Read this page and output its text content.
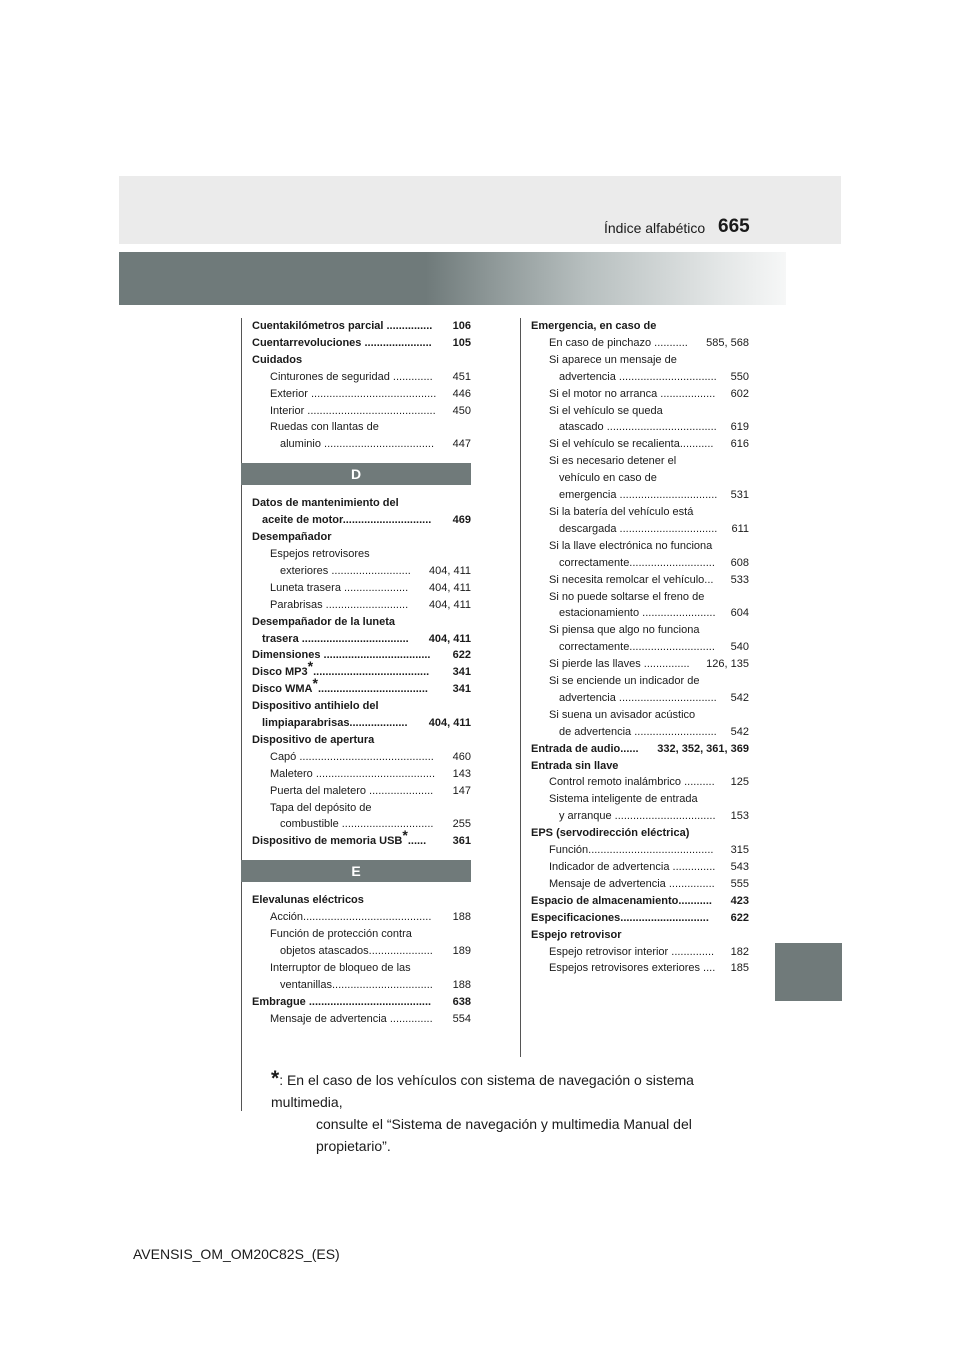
665
Índice alfabético
Cuentakilómetros parcial ............... 106
Cuentarrevoluciones ...................... 105
Cuidados
Cinturones de seguridad ............. 451
Exterior ......................................... 446
Interior .......................................... 450
Ruedas con llantas de
aluminio .................................... 447
D
Datos de mantenimiento del
aceite de motor............................. 469
Desempañador
Espejos retrovisores
exteriores .......................... 404, 411
Luneta trasera ..................... 404, 411
Parabrisas ........................... 404, 411
Desempañador de la luneta
trasera ................................... 404, 411
Dimensiones ................................... 622
Disco MP3*...................................... 341
Disco WMA*.................................... 341
Dispositivo antihielo del
limpiaparabrisas................... 404, 411
Dispositivo de apertura
Capó ............................................ 460
Maletero ....................................... 143
Puerta del maletero ..................... 147
Tapa del depósito de
combustible .............................. 255
Dispositivo de memoria USB*...... 361
E
Elevalunas eléctricos
Acción.......................................... 188
Función de protección contra
objetos atascados..................... 189
Interruptor de bloqueo de las
ventanillas................................. 188
Embrague ........................................ 638
Mensaje de advertencia .............. 554
Emergencia, en caso de
En caso de pinchazo ........... 585, 568
Si aparece un mensaje de
advertencia ................................ 550
Si el motor no arranca .................. 602
Si el vehículo se queda
atascado .................................... 619
Si el vehículo se recalienta........... 616
Si es necesario detener el
vehículo en caso de
emergencia ................................ 531
Si la batería del vehículo está
descargada ................................ 611
Si la llave electrónica no funciona
correctamente............................ 608
Si necesita remolcar el vehículo... 533
Si no puede soltarse el freno de
estacionamiento ........................ 604
Si piensa que algo no funciona
correctamente............................ 540
Si pierde las llaves ............... 126, 135
Si se enciende un indicador de
advertencia ................................ 542
Si suena un avisador acústico
de advertencia ........................... 542
Entrada de audio...... 332, 352, 361, 369
Entrada sin llave
Control remoto inalámbrico .......... 125
Sistema inteligente de entrada
y arranque ................................. 153
EPS (servodirección eléctrica)
Función......................................... 315
Indicador de advertencia .............. 543
Mensaje de advertencia ............... 555
Espacio de almacenamiento........... 423
Especificaciones............................. 622
Espejo retrovisor
Espejo retrovisor interior .............. 182
Espejos retrovisores exteriores .... 185
*: En el caso de los vehículos con sistema de navegación o sistema multimedia,
consulte el “Sistema de navegación y multimedia Manual del propietario”.
AVENSIS_OM_OM20C82S_(ES)
